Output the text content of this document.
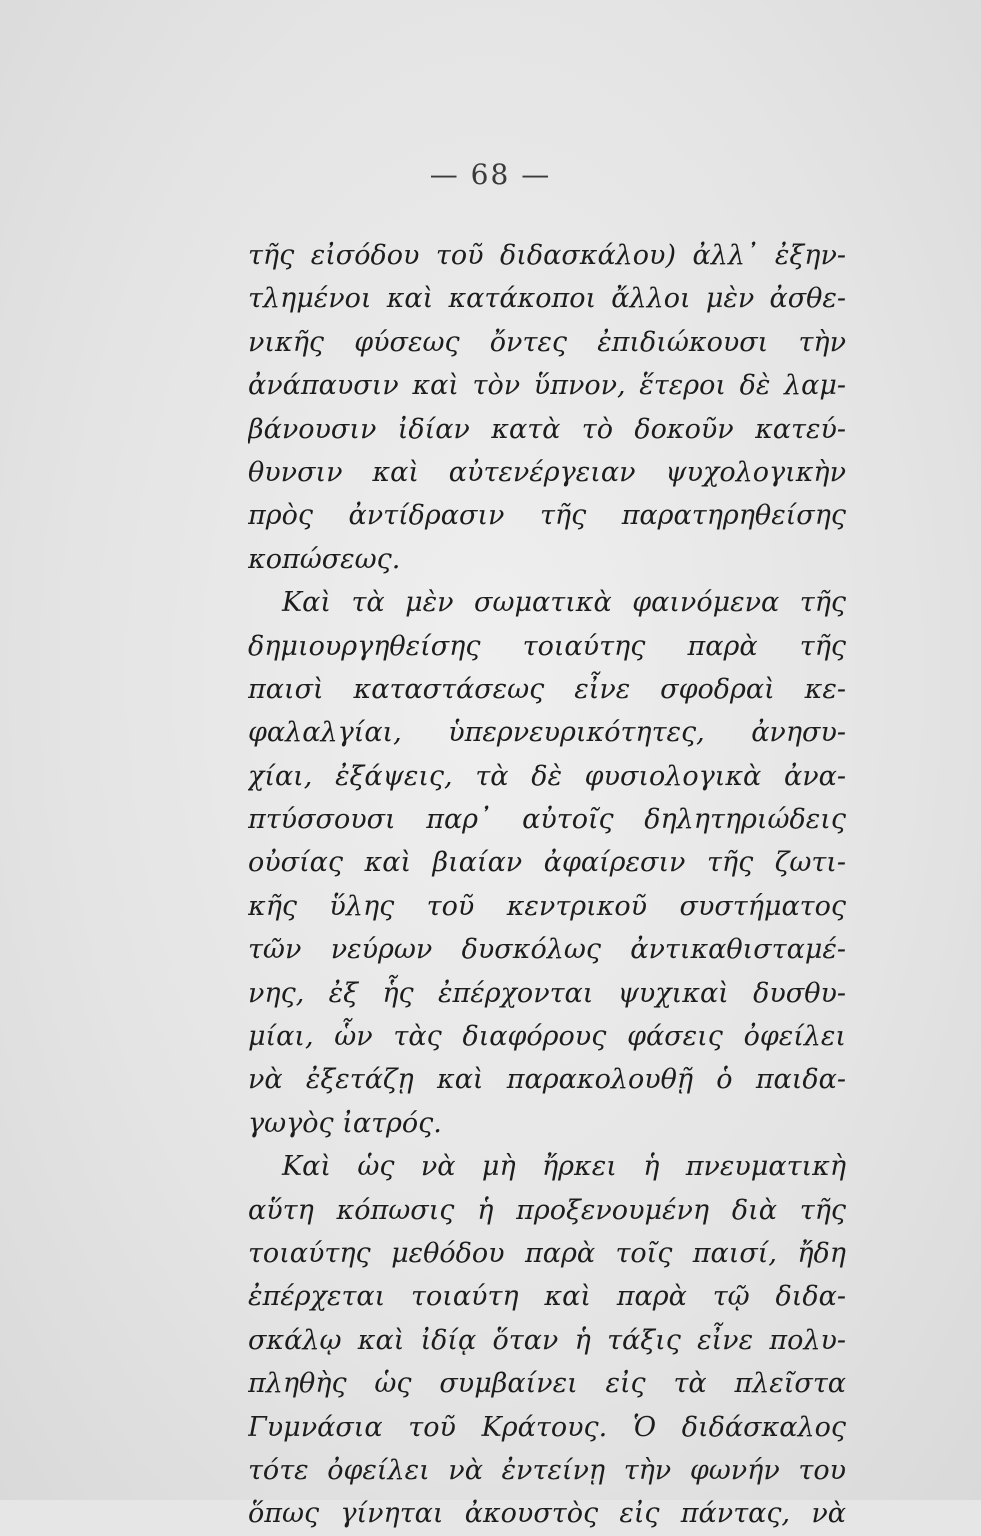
— 68 —
τῆς εἰσόδου τοῦ διδασκάλου) ἀλλ᾽ ἐξην-
τλημένοι καὶ κατάκοποι ἄλλοι μὲν ἀσθε-
νικῆς φύσεως ὄντες ἐπιδιώκουσι τὴν
ἀνάπαυσιν καὶ τὸν ὕπνον, ἕτεροι δὲ λαμ-
βάνουσιν ἰδίαν κατὰ τὸ δοκοῦν κατεύ-
θυνσιν καὶ αὐτενέργειαν ψυχολογικὴν
πρὸς ἀντίδρασιν τῆς παρατηρηθείσης
κοπώσεως.
Καὶ τὰ μὲν σωματικὰ φαινόμενα τῆς
δημιουργηθείσης τοιαύτης παρὰ τῆς
παισὶ καταστάσεως εἶνε σφοδραὶ κε-
φαλαλγίαι, ὑπερνευρικότητες, ἀνησυ-
χίαι, ἐξάψεις, τὰ δὲ φυσιολογικὰ ἀνα-
πτύσσουσι παρ᾽ αὐτοῖς δηλητηριώδεις
οὐσίας καὶ βιαίαν ἀφαίρεσιν τῆς ζωτι-
κῆς ὕλης τοῦ κεντρικοῦ συστήματος
τῶν νεύρων δυσκόλως ἀντικαθισταμέ-
νης, ἐξ ἧς ἐπέρχονται ψυχικαὶ δυσθυ-
μίαι, ὧν τὰς διαφόρους φάσεις ὀφείλει
νὰ ἐξετάζῃ καὶ παρακολουθῇ ὁ παιδα-
γωγὸς ἰατρός.
Καὶ ὡς νὰ μὴ ἤρκει ἡ πνευματικὴ
αὕτη κόπωσις ἡ προξενουμένη διὰ τῆς
τοιαύτης μεθόδου παρὰ τοῖς παισί, ἤδη
ἐπέρχεται τοιαύτη καὶ παρὰ τῷ διδα-
σκάλῳ καὶ ἰδίᾳ ὅταν ἡ τάξις εἶνε πολυ-
πληθὴς ὡς συμβαίνει εἰς τὰ πλεῖστα
Γυμνάσια τοῦ Κράτους. Ὁ διδάσκαλος
τότε ὀφείλει νὰ ἐντείνῃ τὴν φωνήν του
ὅπως γίνηται ἀκουστὸς εἰς πάντας, νὰ
